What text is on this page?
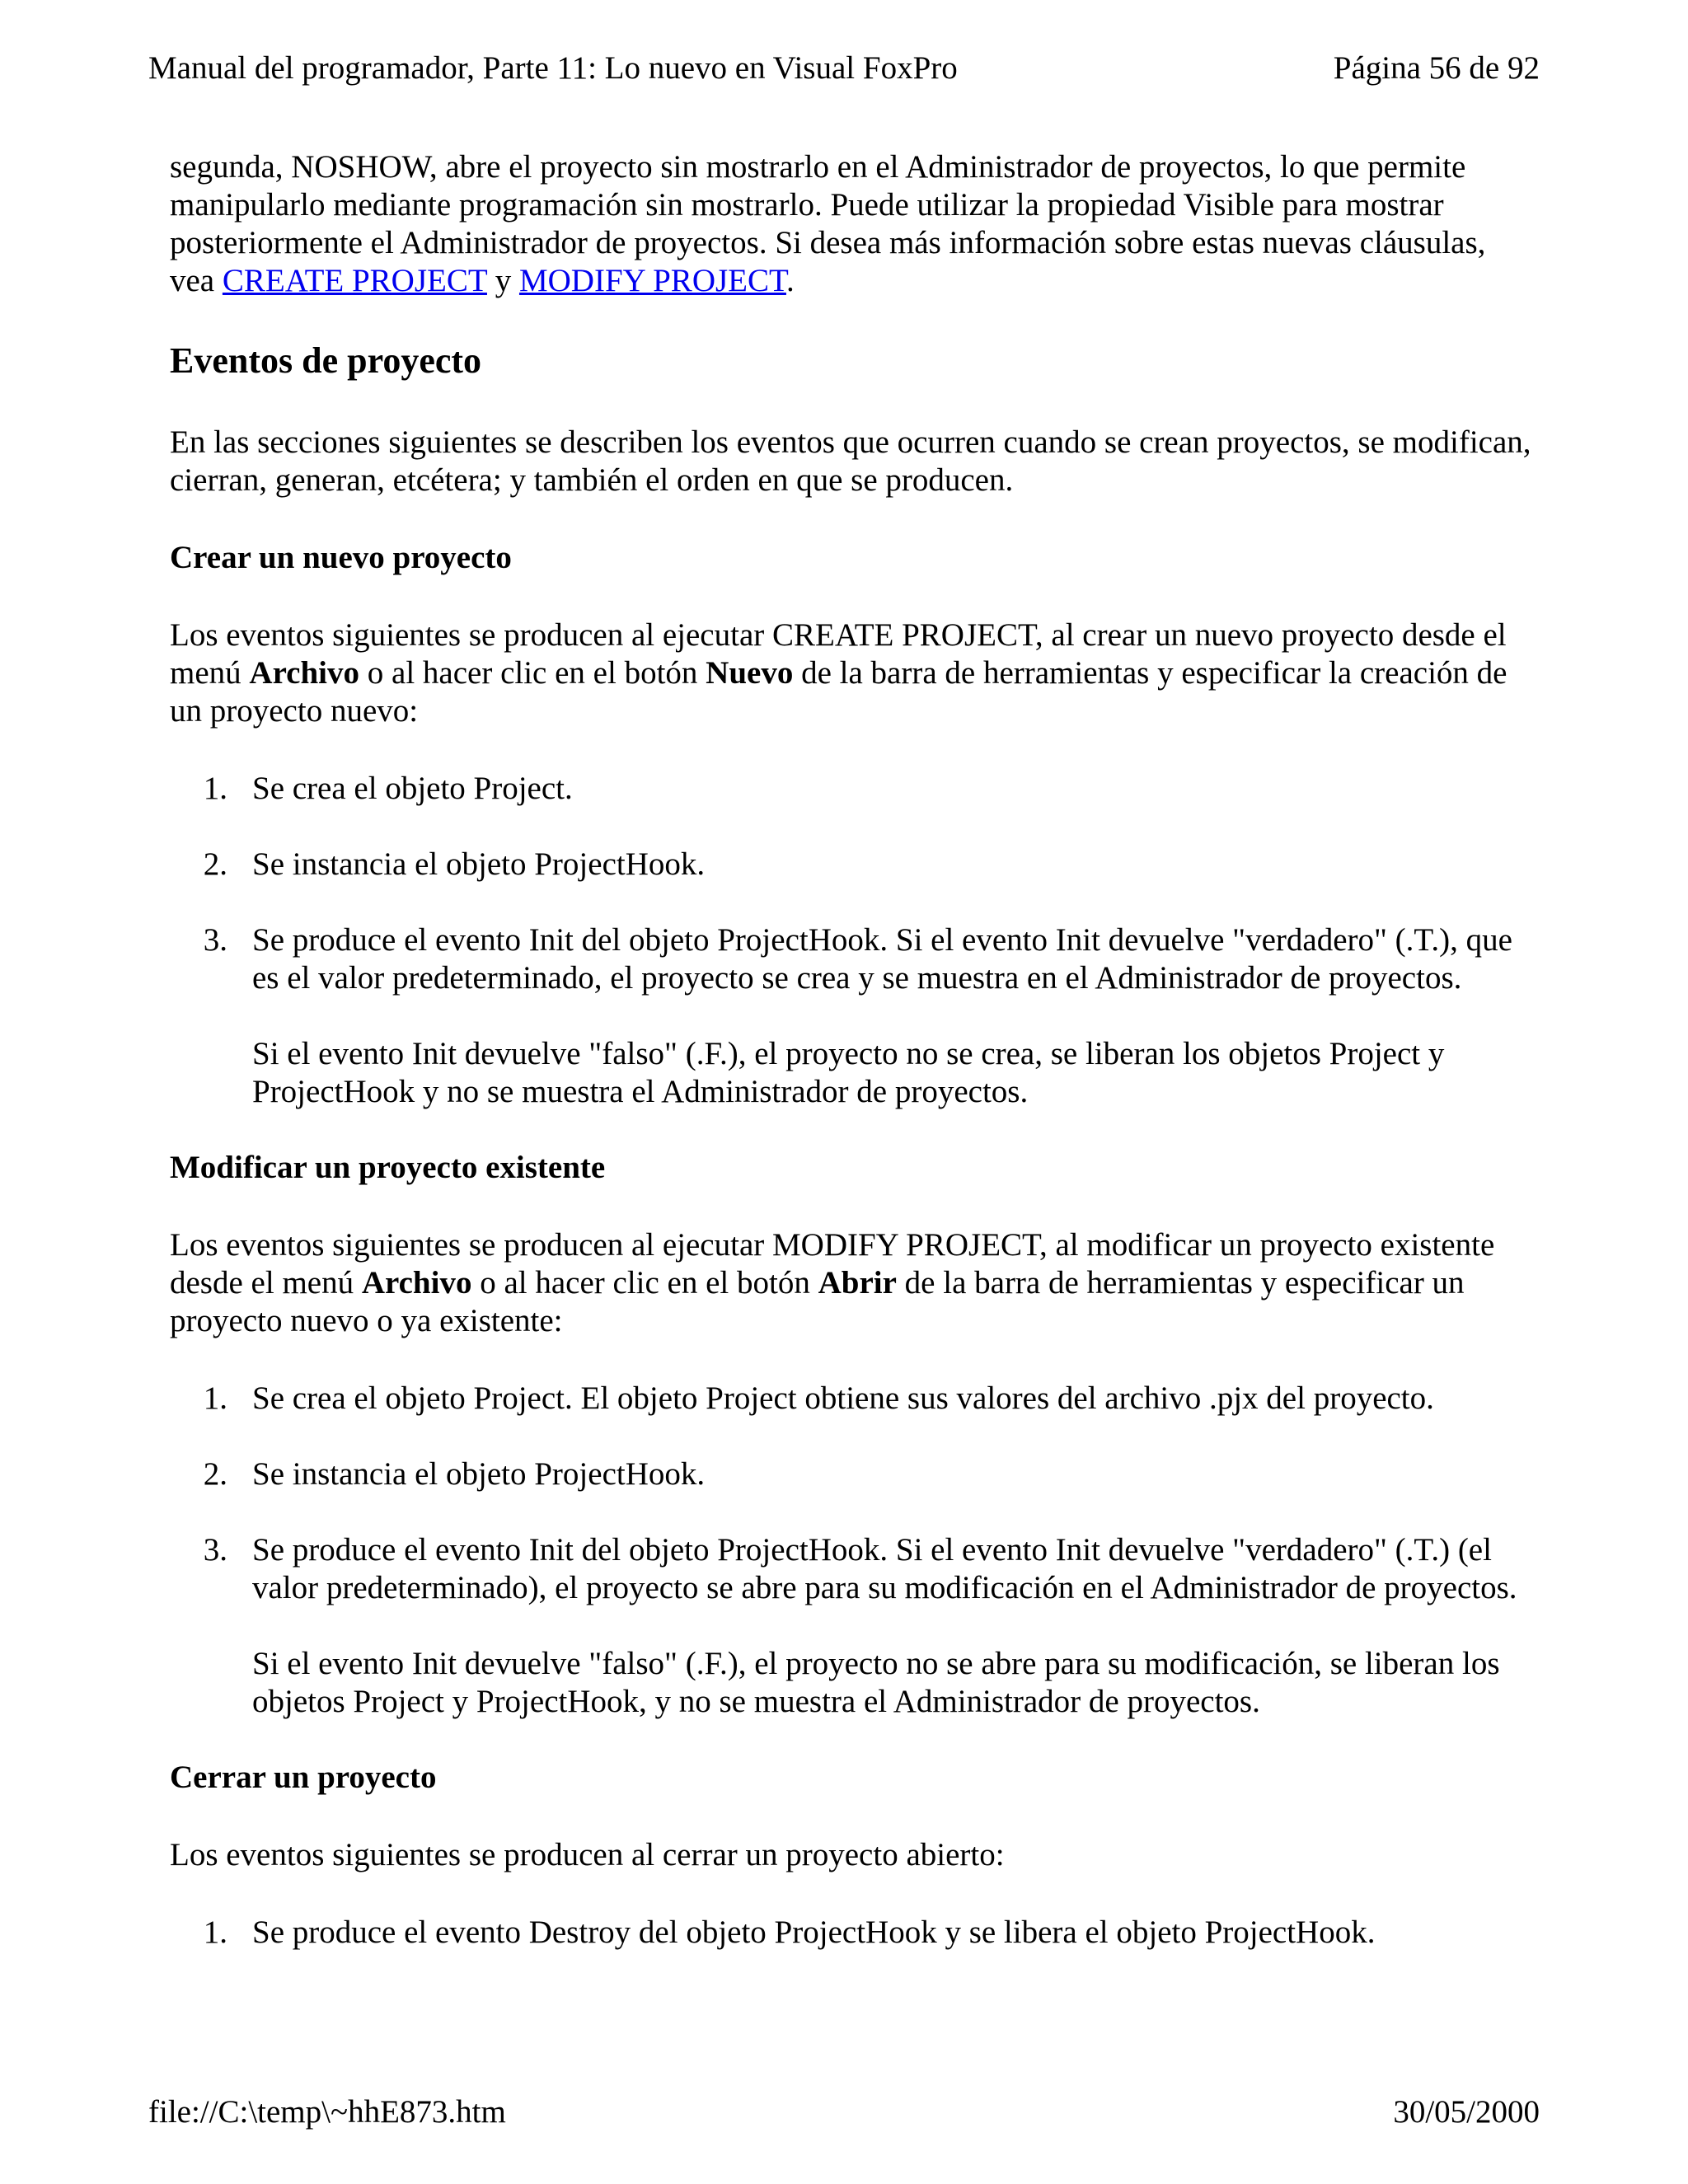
Manual del programador, Parte 11: Lo nuevo en Visual FoxPro	Página 56 de 92

segunda, NOSHOW, abre el proyecto sin mostrarlo en el Administrador de proyectos, lo que permite manipularlo mediante programación sin mostrarlo. Puede utilizar la propiedad Visible para mostrar posteriormente el Administrador de proyectos. Si desea más información sobre estas nuevas cláusulas, vea CREATE PROJECT y MODIFY PROJECT.

Eventos de proyecto

En las secciones siguientes se describen los eventos que ocurren cuando se crean proyectos, se modifican, cierran, generan, etcétera; y también el orden en que se producen.

Crear un nuevo proyecto

Los eventos siguientes se producen al ejecutar CREATE PROJECT, al crear un nuevo proyecto desde el menú Archivo o al hacer clic en el botón Nuevo de la barra de herramientas y especificar la creación de un proyecto nuevo:

1. Se crea el objeto Project.

2. Se instancia el objeto ProjectHook.

3. Se produce el evento Init del objeto ProjectHook. Si el evento Init devuelve "verdadero" (.T.), que es el valor predeterminado, el proyecto se crea y se muestra en el Administrador de proyectos.

Si el evento Init devuelve "falso" (.F.), el proyecto no se crea, se liberan los objetos Project y ProjectHook y no se muestra el Administrador de proyectos.

Modificar un proyecto existente

Los eventos siguientes se producen al ejecutar MODIFY PROJECT, al modificar un proyecto existente desde el menú Archivo o al hacer clic en el botón Abrir de la barra de herramientas y especificar un proyecto nuevo o ya existente:

1. Se crea el objeto Project. El objeto Project obtiene sus valores del archivo .pjx del proyecto.

2. Se instancia el objeto ProjectHook.

3. Se produce el evento Init del objeto ProjectHook. Si el evento Init devuelve "verdadero" (.T.) (el valor predeterminado), el proyecto se abre para su modificación en el Administrador de proyectos.

Si el evento Init devuelve "falso" (.F.), el proyecto no se abre para su modificación, se liberan los objetos Project y ProjectHook, y no se muestra el Administrador de proyectos.

Cerrar un proyecto

Los eventos siguientes se producen al cerrar un proyecto abierto:

1. Se produce el evento Destroy del objeto ProjectHook y se libera el objeto ProjectHook.

file://C:\temp\~hhE873.htm	30/05/2000
